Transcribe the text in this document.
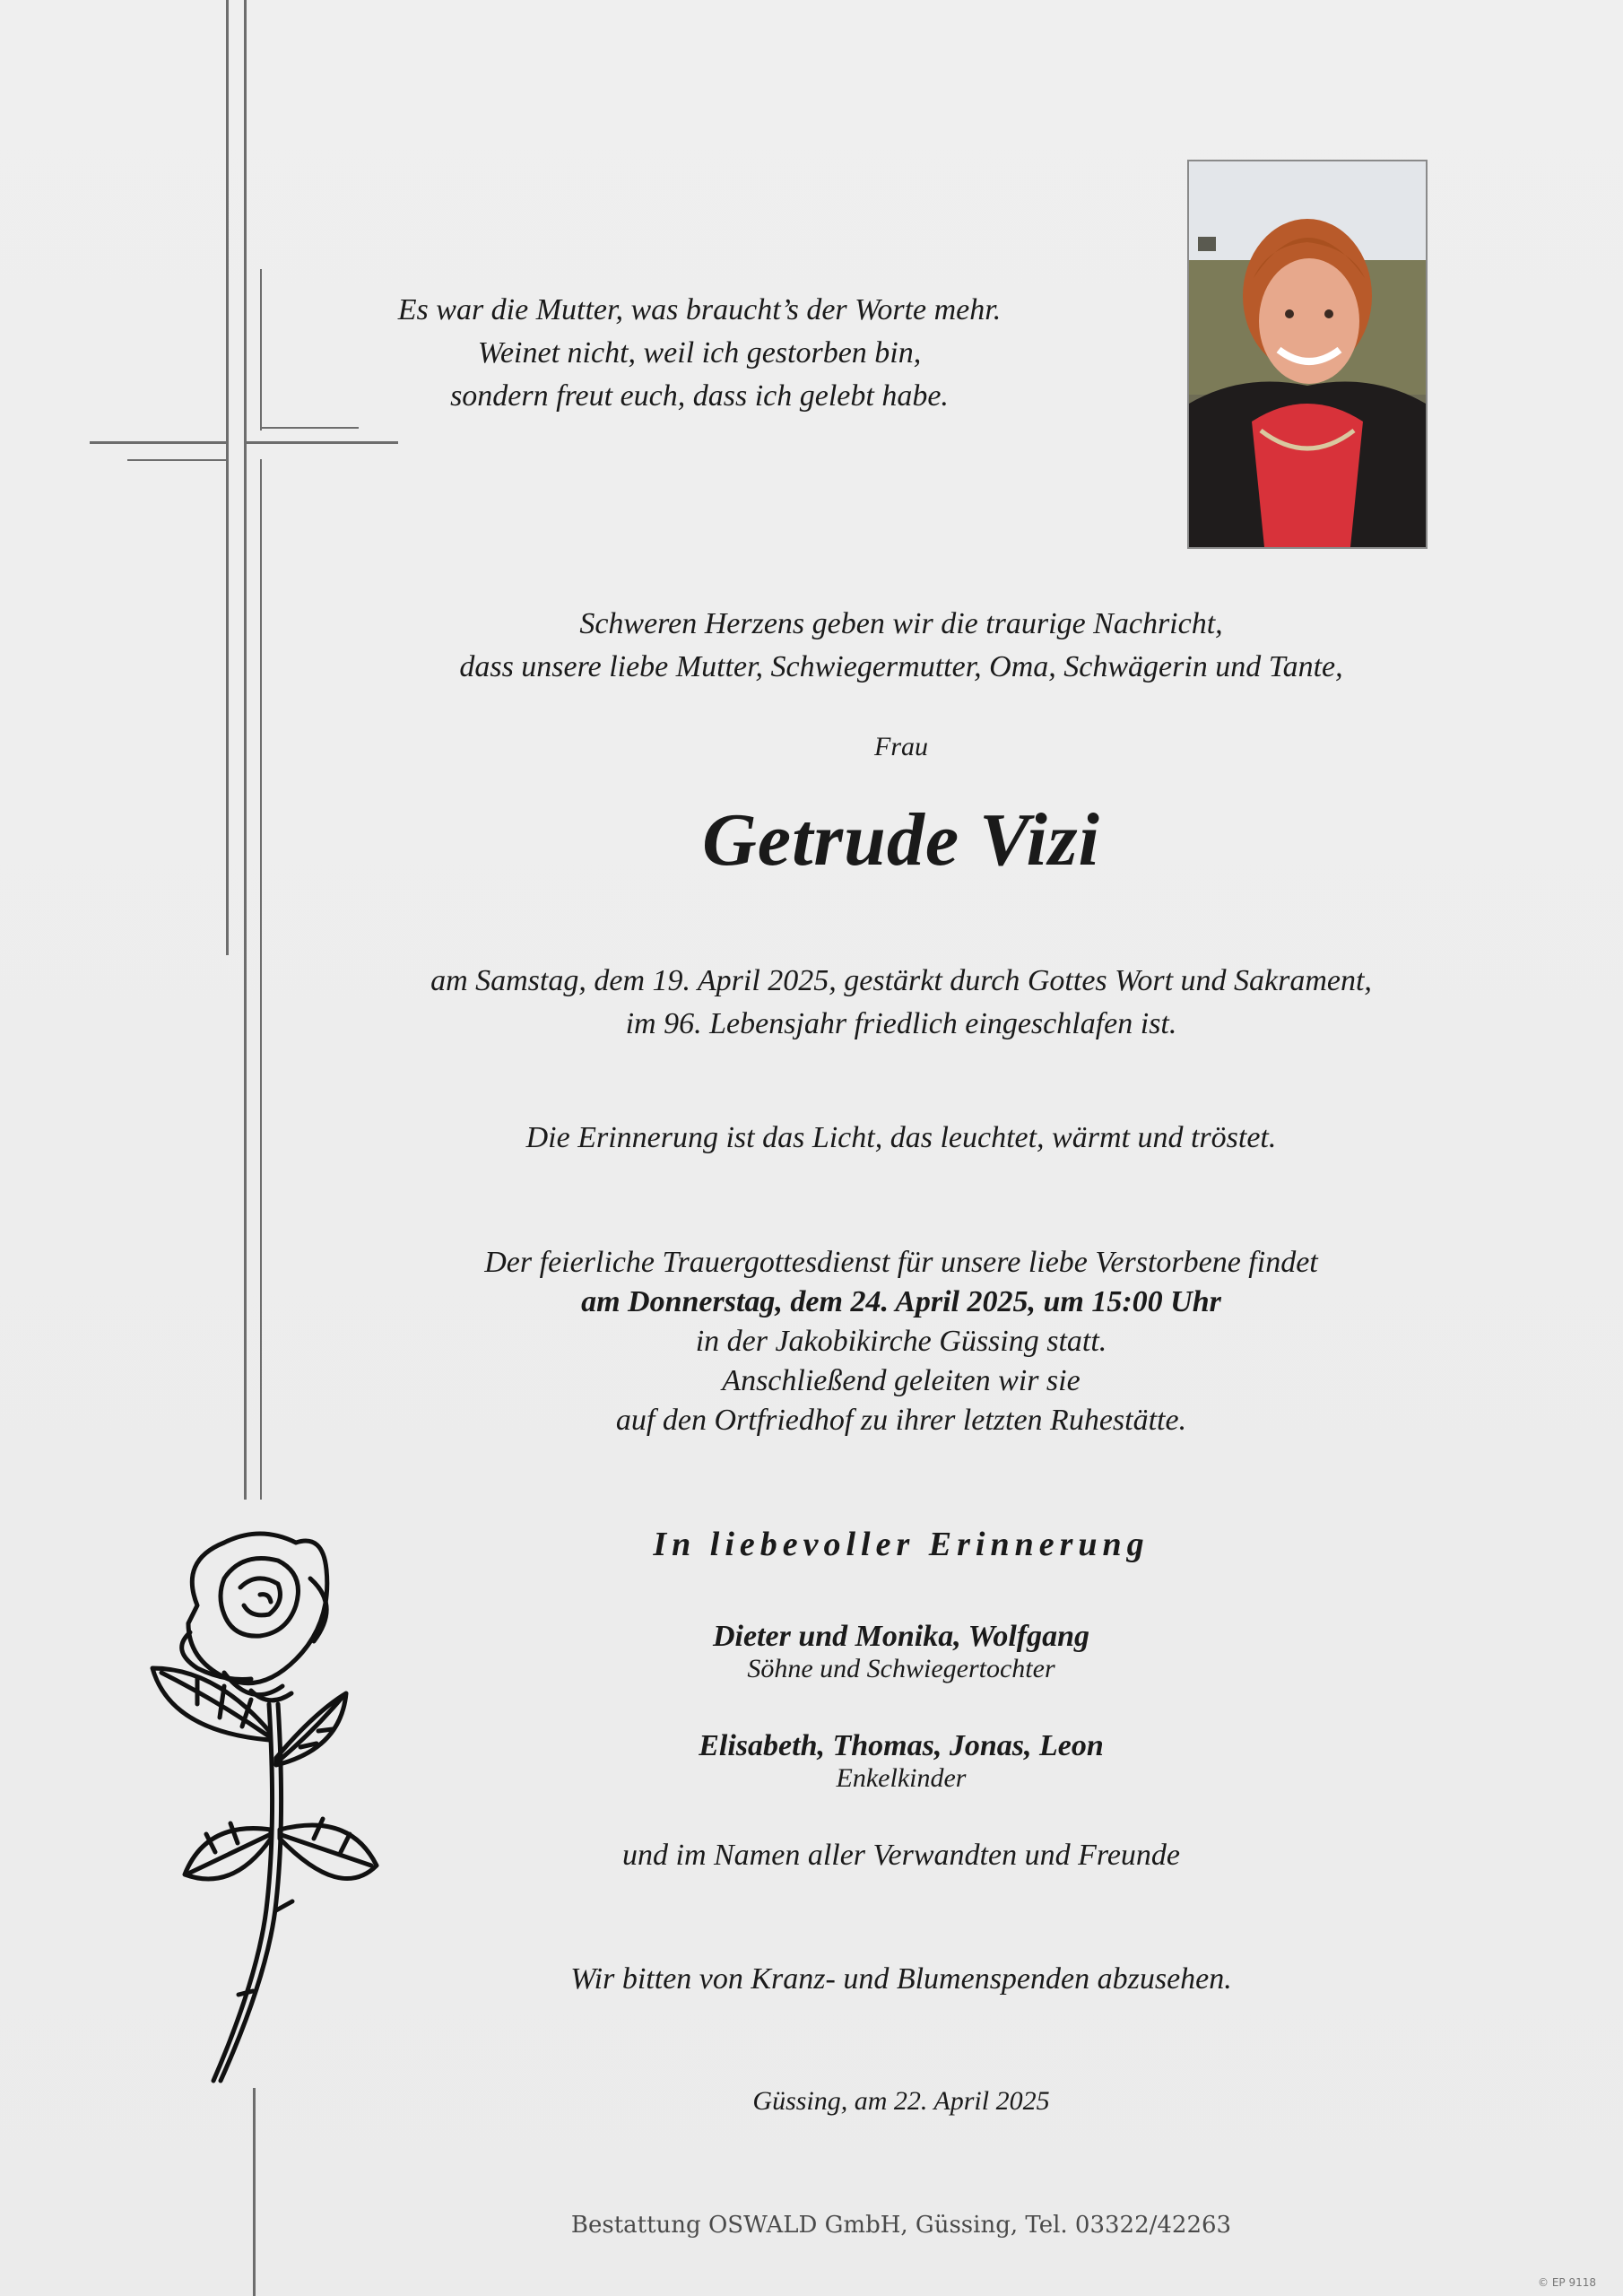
Es war die Mutter, was braucht’s der Worte mehr.
Weinet nicht, weil ich gestorben bin,
sondern freut euch, dass ich gelebt habe.
Schweren Herzens geben wir die traurige Nachricht,
dass unsere liebe Mutter, Schwiegermutter, Oma, Schwägerin und Tante,
Frau
Getrude Vizi
am Samstag, dem 19. April 2025, gestärkt durch Gottes Wort und Sakrament,
im 96. Lebensjahr friedlich eingeschlafen ist.
Die Erinnerung ist das Licht, das leuchtet, wärmt und tröstet.
Der feierliche Trauergottesdienst für unsere liebe Verstorbene findet
am Donnerstag, dem 24. April 2025, um 15:00 Uhr
in der Jakobikirche Güssing statt.
Anschließend geleiten wir sie
auf den Ortfriedhof zu ihrer letzten Ruhestätte.
In liebevoller Erinnerung
Dieter und Monika, Wolfgang
Söhne und Schwiegertochter
Elisabeth, Thomas, Jonas, Leon
Enkelkinder
und im Namen aller Verwandten und Freunde
Wir bitten von Kranz- und Blumenspenden abzusehen.
Güssing, am 22. April 2025
Bestattung OSWALD GmbH, Güssing, Tel. 03322/42263
© EP 9118
